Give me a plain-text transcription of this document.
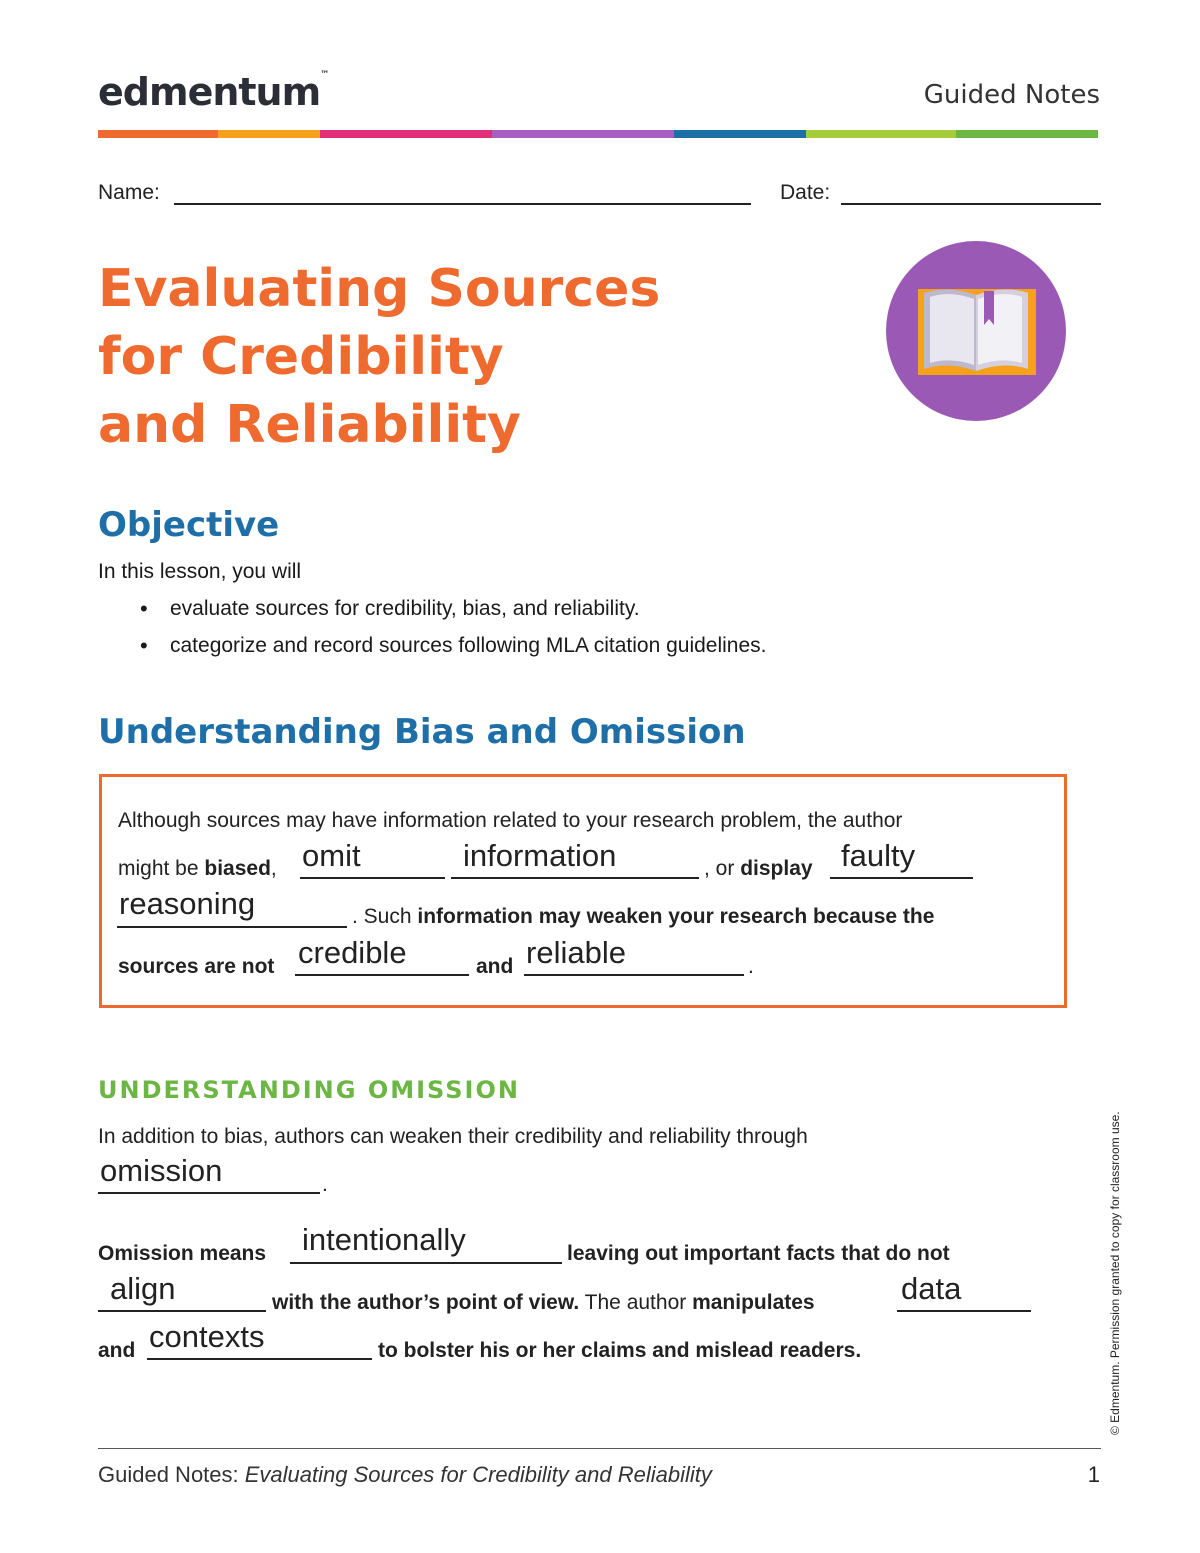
edmentum™
Guided Notes
Name:	Date:
Evaluating Sources
for Credibility
and Reliability
Objective
In this lesson, you will
• evaluate sources for credibility, bias, and reliability.
• categorize and record sources following MLA citation guidelines.
Understanding Bias and Omission
Although sources may have information related to your research problem, the author
might be biased, omit	information	, or display faulty
reasoning	. Such information may weaken your research because the
sources are not credible	and reliable	.
UNDERSTANDING OMISSION
In addition to bias, authors can weaken their credibility and reliability through
omission	.
Omission means intentionally	leaving out important facts that do not
align	with the author’s point of view. The author manipulates	data
and contexts	to bolster his or her claims and mislead readers.	© Edmentum. Permission granted to copy for classroom use.
Guided Notes: Evaluating Sources for Credibility and Reliability	1
